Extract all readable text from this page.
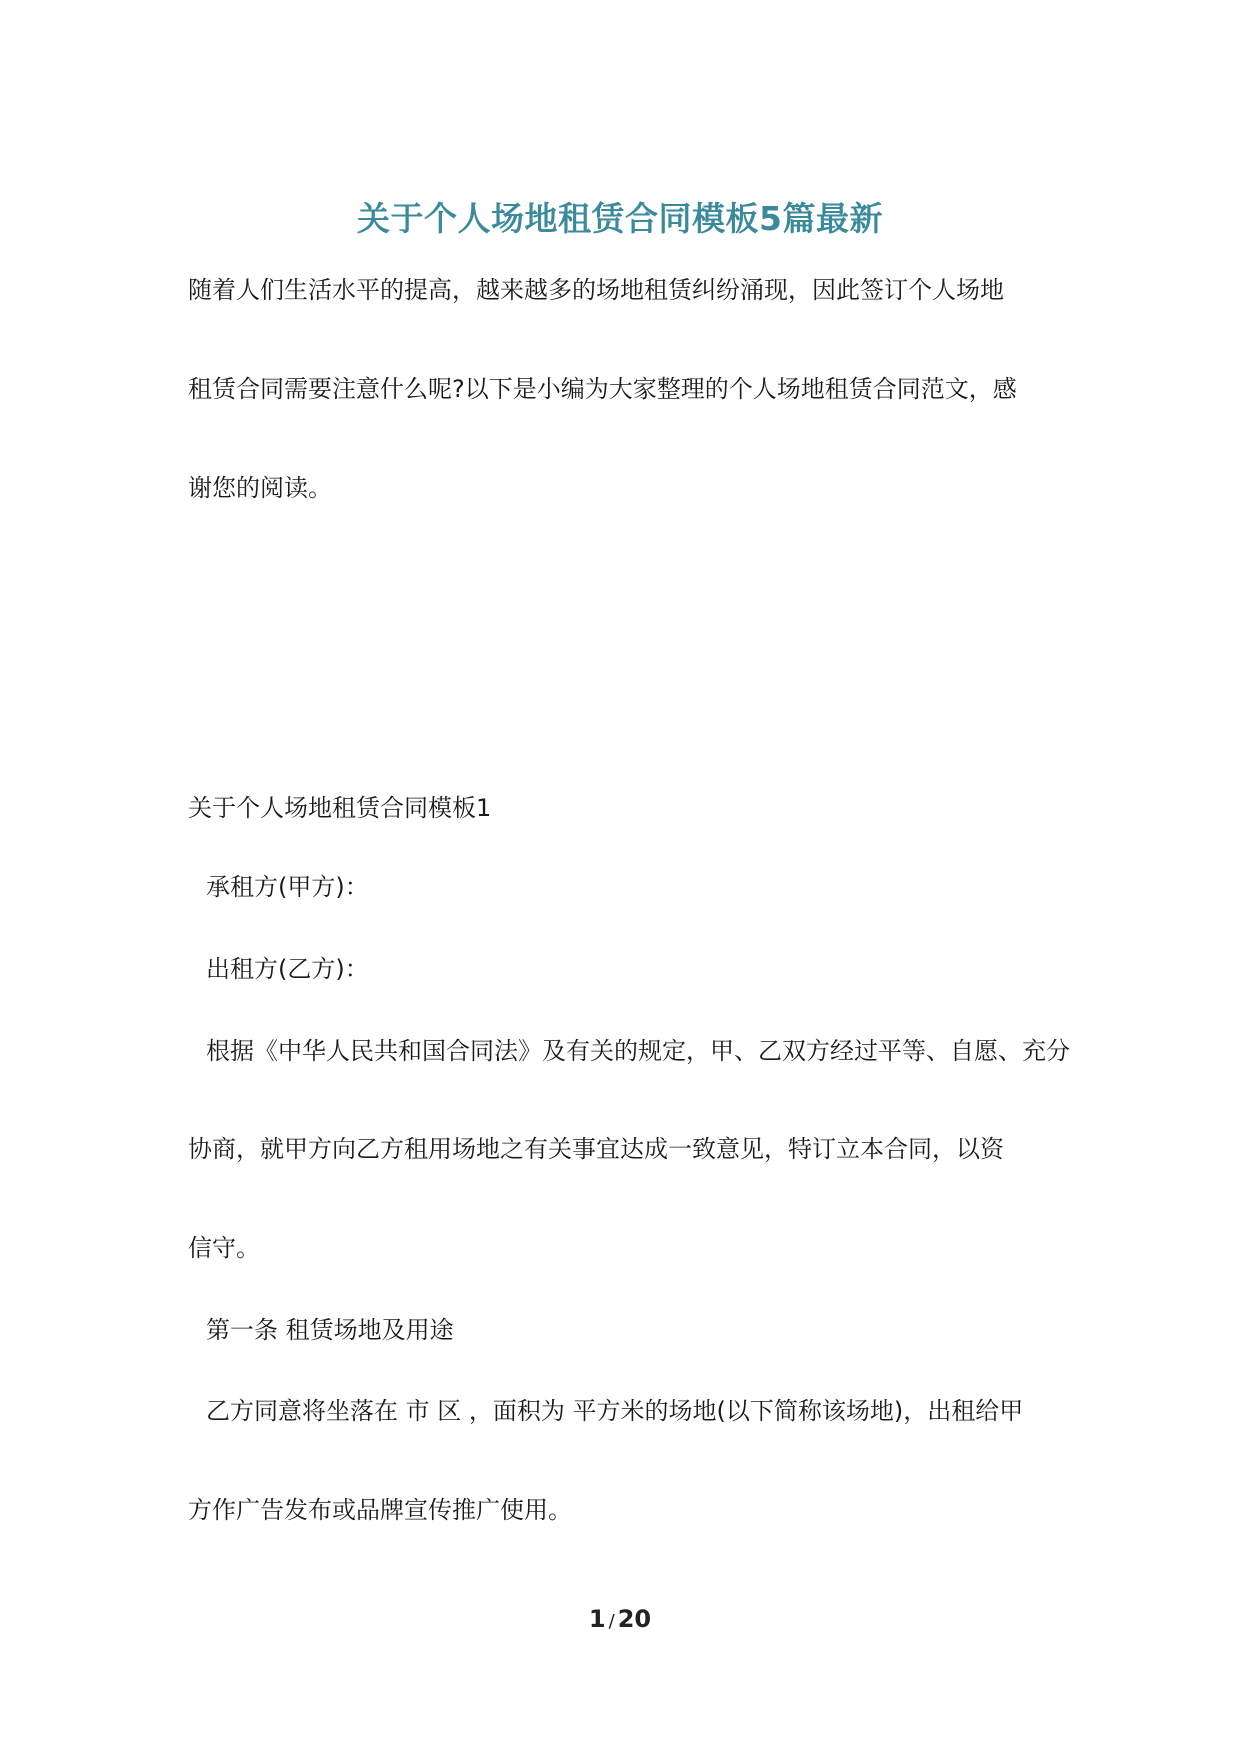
关于个人场地租赁合同模板5篇最新

随着人们生活水平的提高，越来越多的场地租赁纠纷涌现，因此签订个人场地

租赁合同需要注意什么呢?以下是小编为大家整理的个人场地租赁合同范文，感

谢您的阅读。

关于个人场地租赁合同模板1

承租方(甲方)：

出租方(乙方)：

根据《中华人民共和国合同法》及有关的规定，甲、乙双方经过平等、自愿、充分

协商，就甲方向乙方租用场地之有关事宜达成一致意见，特订立本合同，以资

信守。

第一条 租赁场地及用途

乙方同意将坐落在 市 区 ，面积为 平方米的场地(以下简称该场地)，出租给甲

方作广告发布或品牌宣传推广使用。

1 / 20
